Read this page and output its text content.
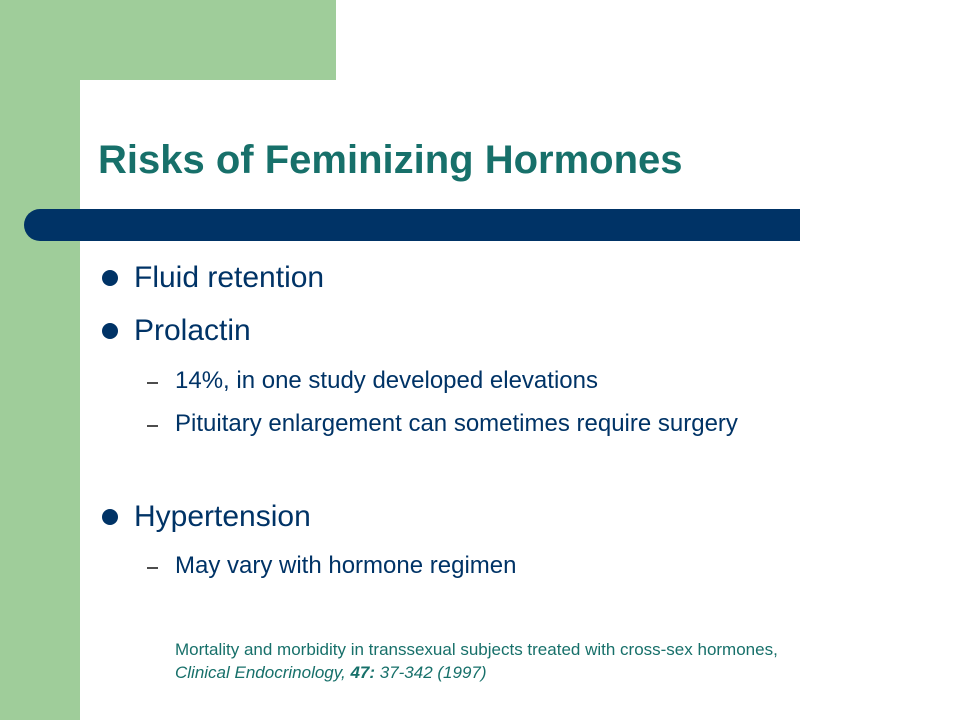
Risks of Feminizing Hormones
Fluid retention
Prolactin
14%, in one study developed elevations
Pituitary enlargement can sometimes require surgery
Hypertension
May vary with hormone regimen
Mortality and morbidity in transsexual subjects treated with cross-sex hormones, Clinical Endocrinology, 47: 37-342 (1997)
